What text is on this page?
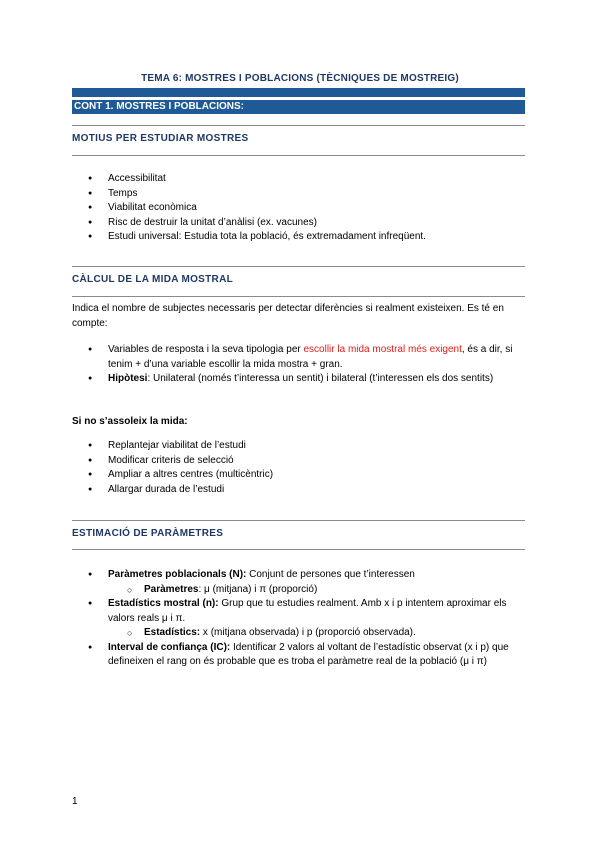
TEMA 6: MOSTRES I POBLACIONS (TÈCNIQUES DE MOSTREIG)
CONT 1. MOSTRES I POBLACIONS:
MOTIUS PER ESTUDIAR MOSTRES
● Accessibilitat
● Temps
● Viabilitat econòmica
● Risc de destruir la unitat d’anàlisi (ex. vacunes)
● Estudi universal: Estudia tota la població, és extremadament infreqüent.
CÀLCUL DE LA MIDA MOSTRAL
Indica el nombre de subjectes necessaris per detectar diferències si realment existeixen. Es té en compte:
● Variables de resposta i la seva tipologia per escollir la mida mostral més exigent, és a dir, si tenim + d’una variable escollir la mida mostra + gran.
● Hipòtesi: Unilateral (només t’interessa un sentit) i bilateral (t’interessen els dos sentits)
Si no s’assoleix la mida:
● Replantejar viabilitat de l’estudi
● Modificar criteris de selecció
● Ampliar a altres centres (multicèntric)
● Allargar durada de l’estudi
ESTIMACIÓ DE PARÀMETRES
● Paràmetres poblacionals (N): Conjunt de persones que t’interessen
○ Paràmetres: μ (mitjana) i π (proporció)
● Estadístics mostral (n): Grup que tu estudies realment. Amb x i p intentem aproximar els valors reals μ i π.
○ Estadístics: x (mitjana observada) i p (proporció observada).
● Interval de confiança (IC): Identificar 2 valors al voltant de l’estadístic observat (x i p) que defineixen el rang on és probable que es troba el paràmetre real de la població (μ i π)
1
